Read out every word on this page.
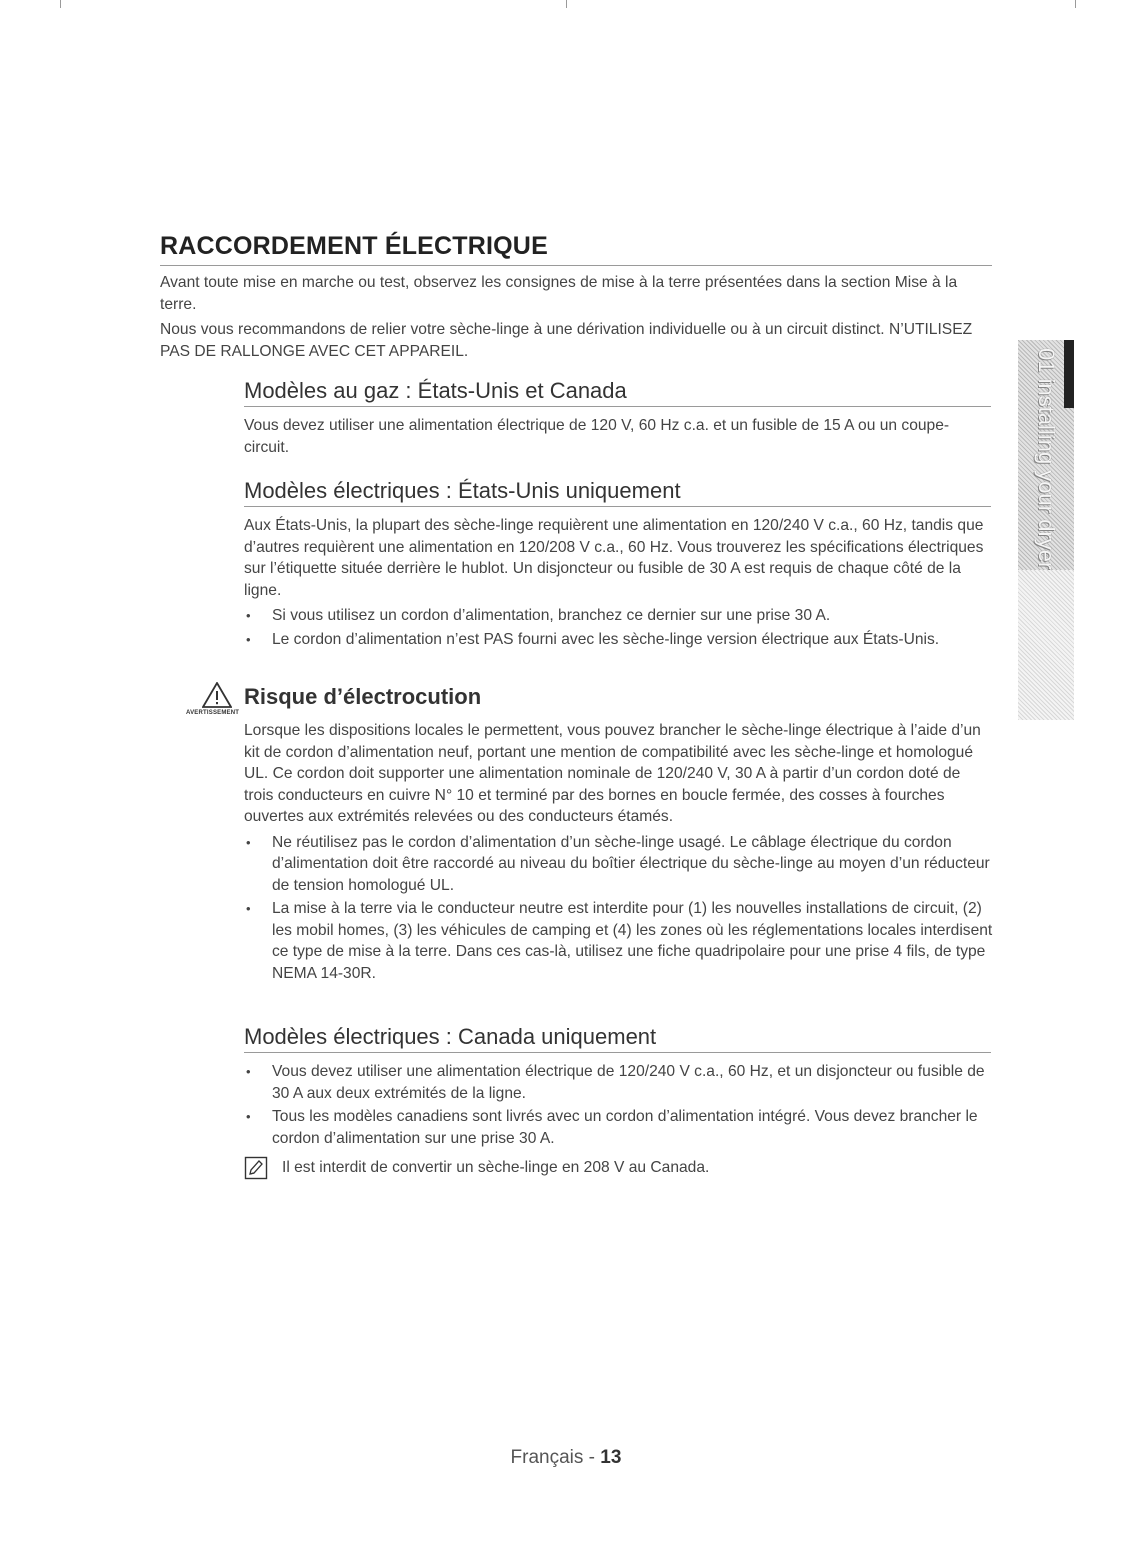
RACCORDEMENT ÉLECTRIQUE

Avant toute mise en marche ou test, observez les consignes de mise à la terre présentées dans la section Mise à la terre.

Nous vous recommandons de relier votre sèche-linge à une dérivation individuelle ou à un circuit distinct. N’UTILISEZ PAS DE RALLONGE AVEC CET APPAREIL.	01 installing your dryer
Modèles au gaz : États-Unis et Canada

Vous devez utiliser une alimentation électrique de 120 V, 60 Hz c.a. et un fusible de 15 A ou un coupe-circuit.

Modèles électriques : États-Unis uniquement

Aux États-Unis, la plupart des sèche-linge requièrent une alimentation en 120/240 V c.a., 60 Hz, tandis que d’autres requièrent une alimentation en 120/208 V c.a., 60 Hz. Vous trouverez les spécifications électriques sur l’étiquette située derrière le hublot. Un disjoncteur ou fusible de 30 A est requis de chaque côté de la ligne.

• Si vous utilisez un cordon d’alimentation, branchez ce dernier sur une prise 30 A.
• Le cordon d’alimentation n’est PAS fourni avec les sèche-linge version électrique aux États-Unis.
AVERTISSEMENT
Risque d’électrocution

Lorsque les dispositions locales le permettent, vous pouvez brancher le sèche-linge électrique à l’aide d’un kit de cordon d’alimentation neuf, portant une mention de compatibilité avec les sèche-linge et homologué UL. Ce cordon doit supporter une alimentation nominale de 120/240 V, 30 A à partir d’un cordon doté de trois conducteurs en cuivre N° 10 et terminé par des bornes en boucle fermée, des cosses à fourches ouvertes aux extrémités relevées ou des conducteurs étamés.

• Ne réutilisez pas le cordon d’alimentation d’un sèche-linge usagé. Le câblage électrique du cordon d’alimentation doit être raccordé au niveau du boîtier électrique du sèche-linge au moyen d’un réducteur de tension homologué UL.
• La mise à la terre via le conducteur neutre est interdite pour (1) les nouvelles installations de circuit, (2) les mobil homes, (3) les véhicules de camping et (4) les zones où les réglementations locales interdisent ce type de mise à la terre. Dans ces cas-là, utilisez une fiche quadripolaire pour une prise 4 fils, de type NEMA 14-30R.
Modèles électriques : Canada uniquement
• Vous devez utiliser une alimentation électrique de 120/240 V c.a., 60 Hz, et un disjoncteur ou fusible de 30 A aux deux extrémités de la ligne.
• Tous les modèles canadiens sont livrés avec un cordon d’alimentation intégré. Vous devez brancher le cordon d’alimentation sur une prise 30 A.
Il est interdit de convertir un sèche-linge en 208 V au Canada.
Français - 13
